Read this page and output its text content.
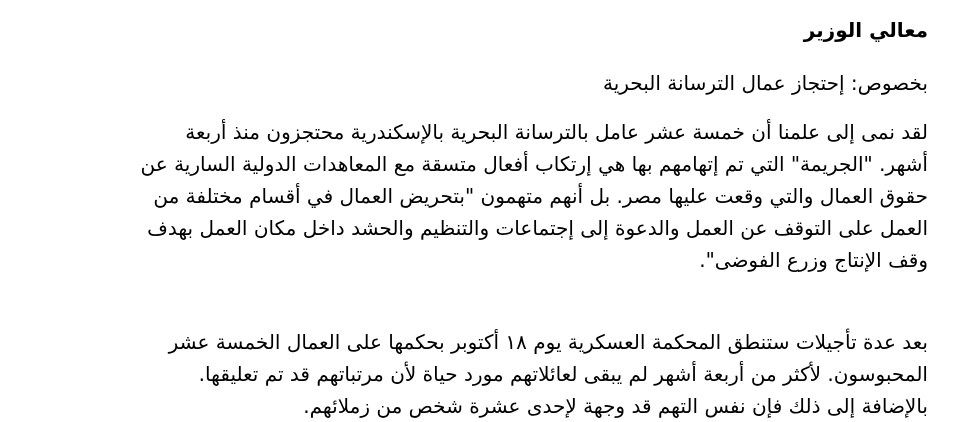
معالي الوزير

بخصوص: إحتجاز عمال الترسانة البحرية

لقد نمى إلى علمنا أن خمسة عشر عامل بالترسانة البحرية بالإسكندرية محتجزون منذ أربعة
أشهر. "الجريمة" التي تم إتهامهم بها هي إرتكاب أفعال متسقة مع المعاهدات الدولية السارية عن
حقوق العمال والتي وقعت عليها مصر. بل أنهم متهمون "بتحريض العمال في أقسام مختلفة من
العمل على التوقف عن العمل والدعوة إلى إجتماعات والتنظيم والحشد داخل مكان العمل بهدف
وقف الإنتاج وزرع الفوضى".
بعد عدة تأجيلات ستنطق المحكمة العسكرية يوم ١٨ أكتوبر بحكمها على العمال الخمسة عشر
المحبوسون. لأكثر من أربعة أشهر لم يبقى لعائلاتهم مورد حياة لأن مرتباتهم قد تم تعليقها.
بالإضافة إلى ذلك فإن نفس التهم قد وجهة لإحدى عشرة شخص من زملائهم.
